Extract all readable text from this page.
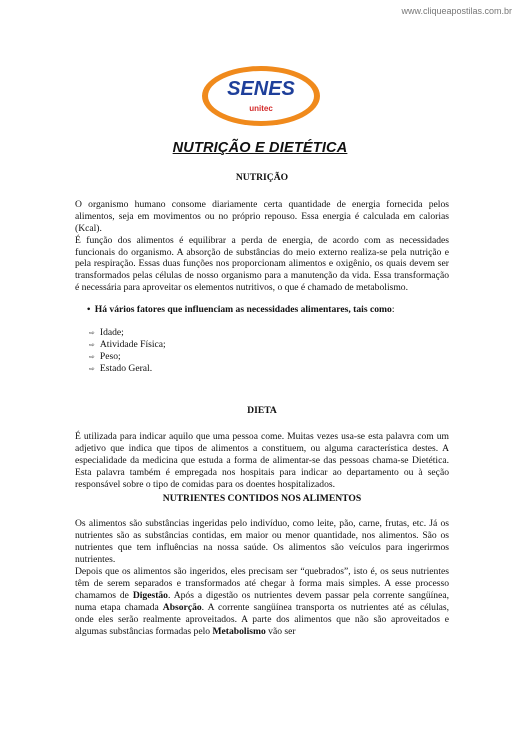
www.cliqueapostilas.com.br
SENES
unitec
NUTRIÇÃO E DIETÉTICA
NUTRIÇÃO

O organismo humano consome diariamente certa quantidade de energia fornecida pelos alimentos, seja em movimentos ou no próprio repouso. Essa energia é calculada em calorias (Kcal).

É função dos alimentos é equilibrar a perda de energia, de acordo com as necessidades funcionais do organismo. A absorção de substâncias do meio externo realiza-se pela nutrição e pela respiração. Essas duas funções nos proporcionam alimentos e oxigênio, os quais devem ser transformados pelas células de nosso organismo para a manutenção da vida. Essa transformação é necessária para aproveitar os elementos nutritivos, o que é chamado de metabolismo.

• Há vários fatores que influenciam as necessidades alimentares, tais como:
⇨ Idade;
⇨ Atividade Física;
⇨ Peso;
⇨ Estado Geral.
DIETA

É utilizada para indicar aquilo que uma pessoa come. Muitas vezes usa-se esta palavra com um adjetivo que indica que tipos de alimentos a constituem, ou alguma característica destes. A especialidade da medicina que estuda a forma de alimentar-se das pessoas chama-se Dietética. Esta palavra também é empregada nos hospitais para indicar ao departamento ou à seção responsável sobre o tipo de comidas para os doentes hospitalizados.

NUTRIENTES CONTIDOS NOS ALIMENTOS

Os alimentos são substâncias ingeridas pelo indivíduo, como leite, pão, carne, frutas, etc. Já os nutrientes são as substâncias contidas, em maior ou menor quantidade, nos alimentos. São os nutrientes que tem influências na nossa saúde. Os alimentos são veículos para ingerirmos nutrientes.

Depois que os alimentos são ingeridos, eles precisam ser “quebrados”, isto é, os seus nutrientes têm de serem separados e transformados até chegar à forma mais simples. A esse processo chamamos de Digestão. Após a digestão os nutrientes devem passar pela corrente sangüínea, numa etapa chamada Absorção. A corrente sangüínea transporta os nutrientes até as células, onde eles serão realmente aproveitados. A parte dos alimentos que não são aproveitados e algumas substâncias formadas pelo Metabolismo vão ser
